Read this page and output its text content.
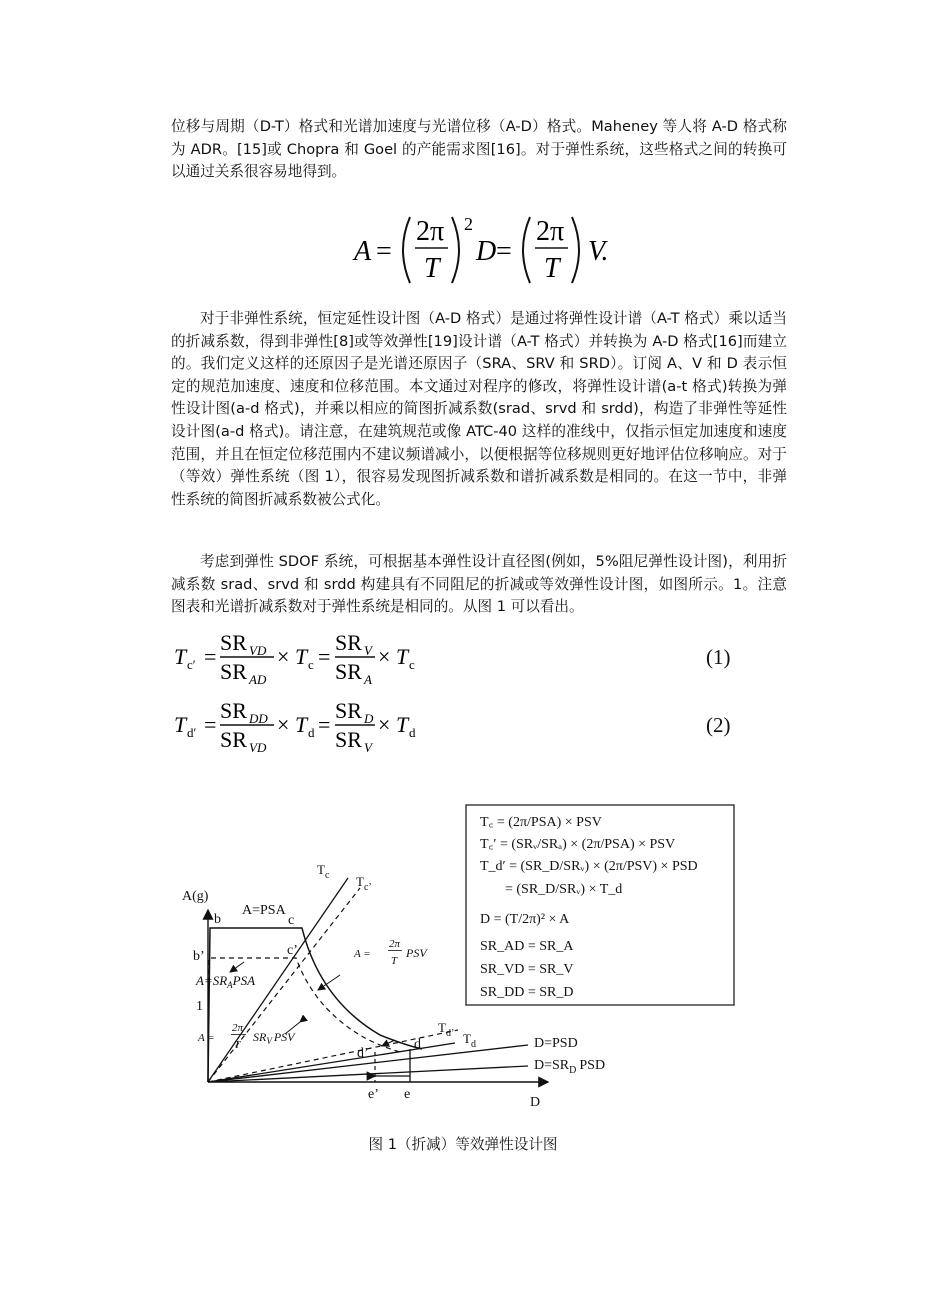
位移与周期（D-T）格式和光谱加速度与光谱位移（A-D）格式。Maheney 等人将 A-D 格式称为 ADR。[15]或 Chopra 和 Goel 的产能需求图[16]。对于弹性系统，这些格式之间的转换可以通过关系很容易地得到。

A =
2π
T
2
D =
2π
T
V.

对于非弹性系统，恒定延性设计图（A-D 格式）是通过将弹性设计谱（A-T 格式）乘以适当的折减系数，得到非弹性[8]或等效弹性[19]设计谱（A-T 格式）并转换为 A-D 格式[16]而建立的。我们定义这样的还原因子是光谱还原因子（SRA、SRV 和 SRD）。订阅 A、V 和 D 表示恒定的规范加速度、速度和位移范围。本文通过对程序的修改，将弹性设计谱(a-t 格式)转换为弹性设计图(a-d 格式)，并乘以相应的简图折减系数(srad、srvd 和 srdd)，构造了非弹性等延性设计图(a-d 格式)。请注意，在建筑规范或像 ATC-40 这样的准线中，仅指示恒定加速度和速度范围，并且在恒定位移范围内不建议频谱减小，以便根据等位移规则更好地评估位移响应。对于（等效）弹性系统（图 1），很容易发现图折减系数和谱折减系数是相同的。在这一节中，非弹性系统的简图折减系数被公式化。

考虑到弹性 SDOF 系统，可根据基本弹性设计直径图(例如，5%阻尼弹性设计图)，利用折减系数 srad、srvd 和 srdd 构建具有不同阻尼的折减或等效弹性设计图，如图所示。1。注意图表和光谱折减系数对于弹性系统是相同的。从图 1 可以看出。

T c′ =
SR VD
SR AD
× T c =
SR V
SR A
× T c	(1)
T d′ =
SR DD
SR VD
× T d =
SR D
SR V
× T d	(2)
A(g)
D
b
b’
c
c’
d
d’
e
e’
1
$T_c$ $T_{c’}$
$T_d$
$T_{d’}$
A=PSA
$A=SR_APSA$
A =
2π
T
PSV
A =
2π
T
$SR_V$ PSV	D=PSD
$D=SR_D$ PSD
T꜀ = (2π/PSA) × PSV
T꜀′ = (SRᵥ/SRₐ) × (2π/PSA) × PSV
T_d′ = (SR_D/SRᵥ) × (2π/PSV) × PSD
= (SR_D/SRᵥ) × T_d
D = (T/2π)² × A
SR_AD = SR_A
SR_VD = SR_V
SR_DD = SR_D
图 1（折减）等效弹性设计图
